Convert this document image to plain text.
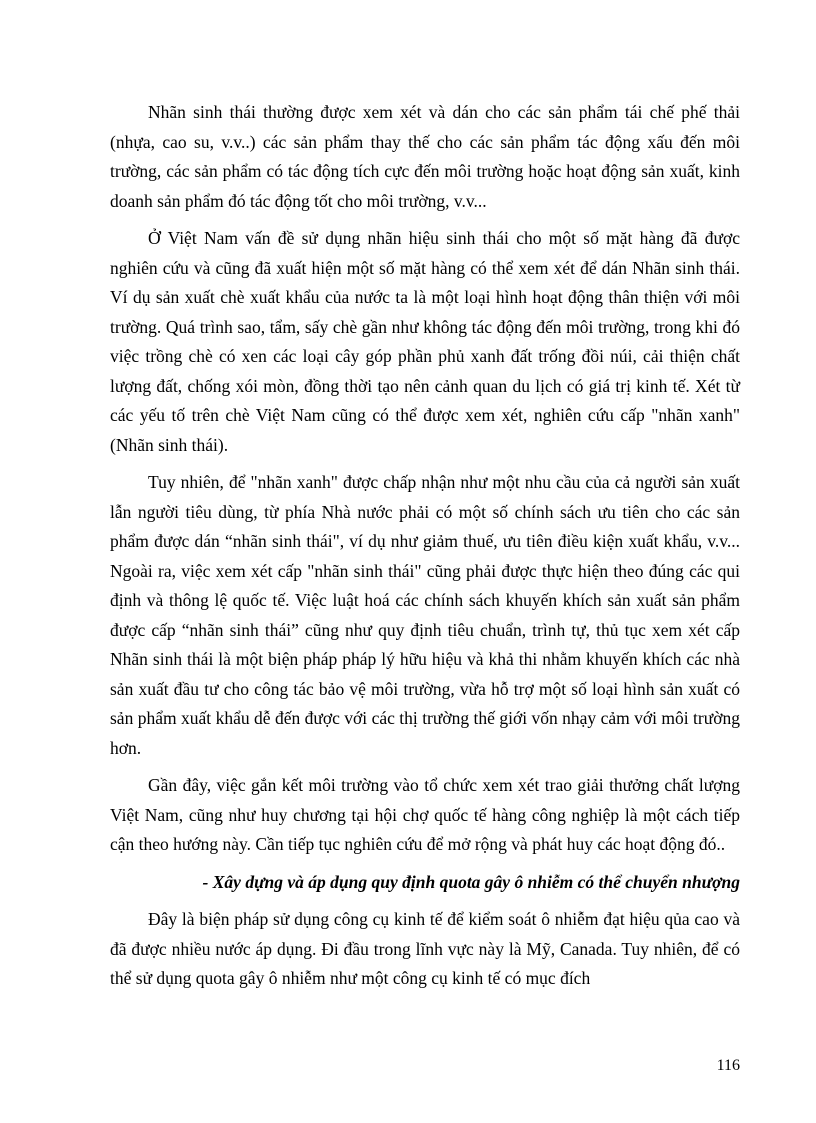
Nhãn sinh thái thường được xem xét và dán cho các sản phẩm tái chế phế thải (nhựa, cao su, v.v..) các sản phẩm thay thế cho các sản phẩm tác động xấu đến môi trường, các sản phẩm có tác động tích cực đến môi trường hoặc hoạt động sản xuất, kinh doanh sản phẩm đó tác động tốt cho môi trường, v.v...

Ở Việt Nam vấn đề sử dụng nhãn hiệu sinh thái cho một số mặt hàng đã được nghiên cứu và cũng đã xuất hiện một số mặt hàng có thể xem xét để dán Nhãn sinh thái. Ví dụ sản xuất chè xuất khẩu của nước ta là một loại hình hoạt động thân thiện với môi trường. Quá trình sao, tẩm, sấy chè gần như không tác động đến môi trường, trong khi đó việc trồng chè có xen các loại cây góp phần phủ xanh đất trống đồi núi, cải thiện chất lượng đất, chống xói mòn, đồng thời tạo nên cảnh quan du lịch có giá trị kinh tế. Xét từ các yếu tố trên chè Việt Nam cũng có thể được xem xét, nghiên cứu cấp "nhãn xanh" (Nhãn sinh thái).

Tuy nhiên, để "nhãn xanh" được chấp nhận như một nhu cầu của cả người sản xuất lẫn người tiêu dùng, từ phía Nhà nước phải có một số chính sách ưu tiên cho các sản phẩm được dán “nhãn sinh thái", ví dụ như giảm thuế, ưu tiên điều kiện xuất khẩu, v.v... Ngoài ra, việc xem xét cấp "nhãn sinh thái" cũng phải được thực hiện theo đúng các qui định và thông lệ quốc tế. Việc luật hoá các chính sách khuyến khích sản xuất sản phẩm được cấp “nhãn sinh thái” cũng như quy định tiêu chuẩn, trình tự, thủ tục xem xét cấp Nhãn sinh thái là một biện pháp pháp lý hữu hiệu và khả thi nhằm khuyến khích các nhà sản xuất đầu tư cho công tác bảo vệ môi trường, vừa hỗ trợ một số loại hình sản xuất có sản phẩm xuất khẩu dễ đến được với các thị trường thế giới vốn nhạy cảm với môi trường hơn.

Gần đây, việc gắn kết môi trường vào tổ chức xem xét trao giải thưởng chất lượng Việt Nam, cũng như huy chương tại hội chợ quốc tế hàng công nghiệp là một cách tiếp cận theo hướng này. Cần tiếp tục nghiên cứu để mở rộng và phát huy các hoạt động đó..

- Xây dựng và áp dụng quy định quota gây ô nhiễm có thể chuyển nhượng

Đây là biện pháp sử dụng công cụ kinh tế để kiểm soát ô nhiễm đạt hiệu qủa cao và đã được nhiều nước áp dụng. Đi đầu trong lĩnh vực này là Mỹ, Canada. Tuy nhiên, để có thể sử dụng quota gây ô nhiễm như một công cụ kinh tế có mục đích

116
